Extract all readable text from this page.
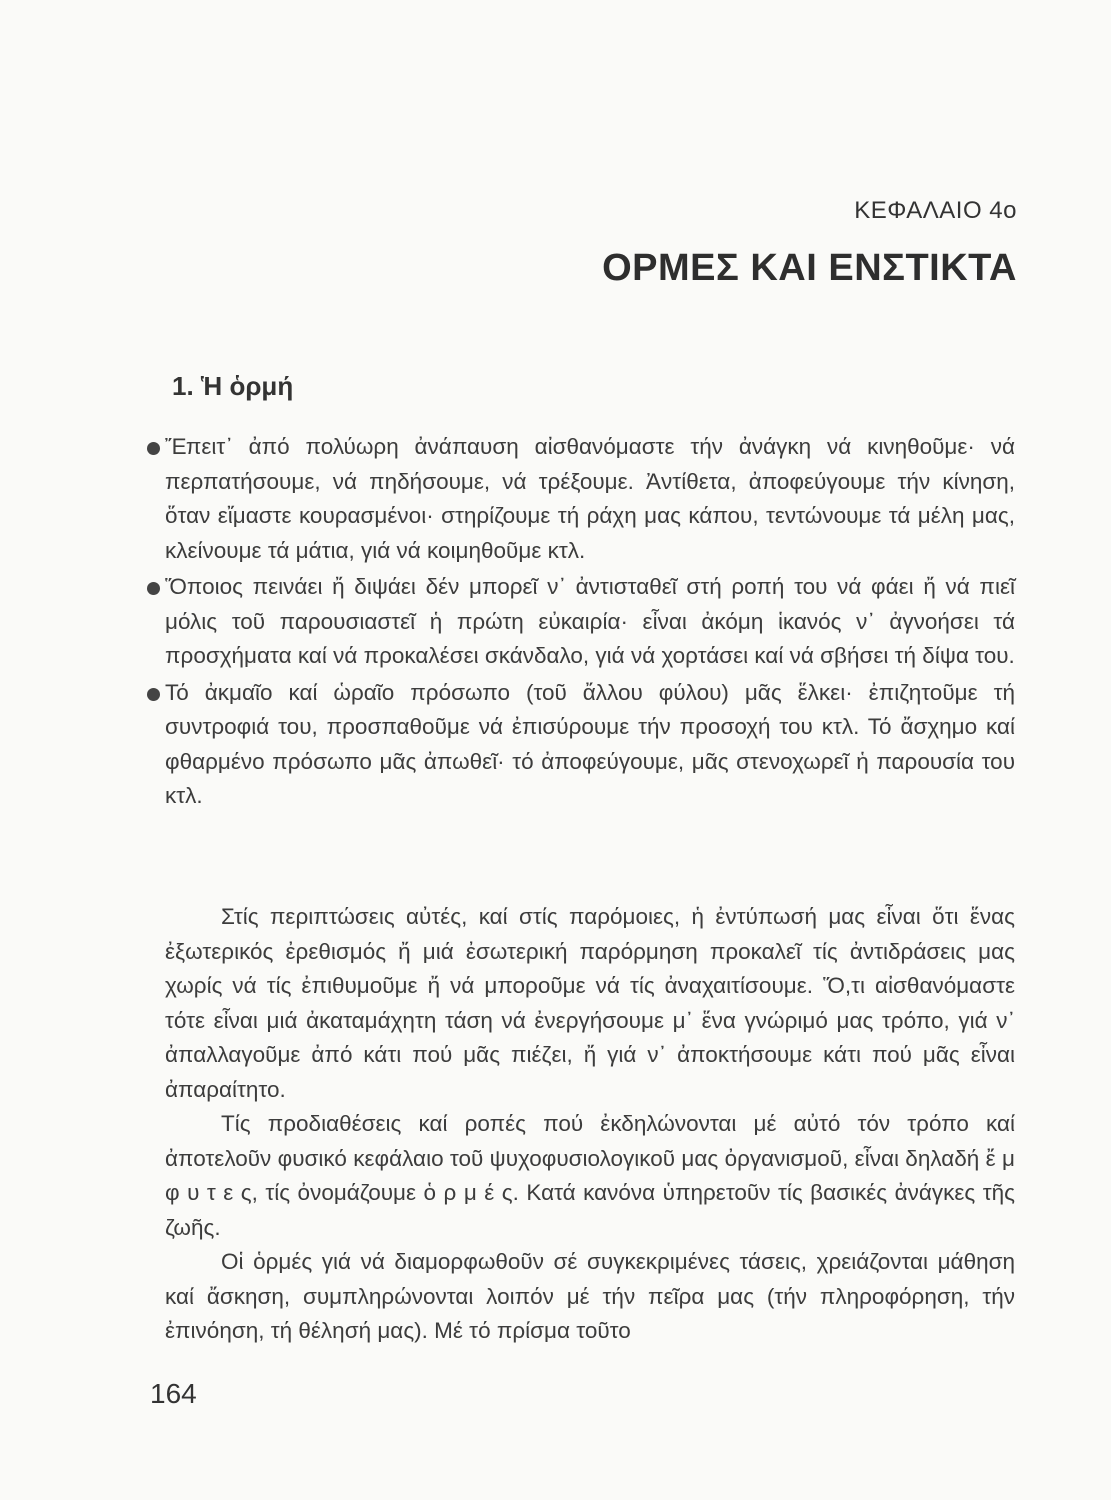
ΚΕΦΑΛΑΙΟ 4ο
ΟΡΜΕΣ ΚΑΙ ΕΝΣΤΙΚΤΑ
1. Ἡ ὁρμή

Ἔπειτ᾽ ἀπό πολύωρη ἀνάπαυση αἰσθανόμαστε τήν ἀνάγκη νά κινηθοῦμε· νά περπατήσουμε, νά πηδήσουμε, νά τρέξουμε. Ἀντίθετα, ἀποφεύγουμε τήν κίνηση, ὅταν εἴμαστε κουρασμένοι· στηρίζουμε τή ράχη μας κάπου, τεντώνουμε τά μέλη μας, κλείνουμε τά μάτια, γιά νά κοιμηθοῦμε κτλ.

Ὅποιος πεινάει ἤ διψάει δέν μπορεῖ ν᾽ ἀντισταθεῖ στή ροπή του νά φάει ἤ νά πιεῖ μόλις τοῦ παρουσιαστεῖ ἡ πρώτη εὐκαιρία· εἶναι ἀκόμη ἱκανός ν᾽ ἀγνοήσει τά προσχήματα καί νά προκαλέσει σκάνδαλο, γιά νά χορτάσει καί νά σβήσει τή δίψα του.

Τό ἀκμαῖο καί ὡραῖο πρόσωπο (τοῦ ἄλλου φύλου) μᾶς ἕλκει· ἐπιζητοῦμε τή συντροφιά του, προσπαθοῦμε νά ἐπισύρουμε τήν προσοχή του κτλ. Τό ἄσχημο καί φθαρμένο πρόσωπο μᾶς ἀπωθεῖ· τό ἀποφεύγουμε, μᾶς στενοχωρεῖ ἡ παρουσία του κτλ.

Στίς περιπτώσεις αὐτές, καί στίς παρόμοιες, ἡ ἐντύπωσή μας εἶναι ὅτι ἕνας ἐξωτερικός ἐρεθισμός ἤ μιά ἐσωτερική παρόρμηση προκαλεῖ τίς ἀντιδράσεις μας χωρίς νά τίς ἐπιθυμοῦμε ἤ νά μποροῦμε νά τίς ἀναχαιτίσουμε. Ὅ,τι αἰσθανόμαστε τότε εἶναι μιά ἀκαταμάχητη τάση νά ἐνεργήσουμε μ᾽ ἕνα γνώριμό μας τρόπο, γιά ν᾽ ἀπαλλαγοῦμε ἀπό κάτι πού μᾶς πιέζει, ἤ γιά ν᾽ ἀποκτήσουμε κάτι πού μᾶς εἶναι ἀπαραίτητο.

Τίς προδιαθέσεις καί ροπές πού ἐκδηλώνονται μέ αὐτό τόν τρόπο καί ἀποτελοῦν φυσικό κεφάλαιο τοῦ ψυχοφυσιολογικοῦ μας ὀργανισμοῦ, εἶναι δηλαδή ἔ μ φ υ τ ε ς, τίς ὀνομάζουμε ὁ ρ μ έ ς. Κατά κανόνα ὑπηρετοῦν τίς βασικές ἀνάγκες τῆς ζωῆς.

Οἱ ὁρμές γιά νά διαμορφωθοῦν σέ συγκεκριμένες τάσεις, χρειάζονται μάθηση καί ἄσκηση, συμπληρώνονται λοιπόν μέ τήν πεῖρα μας (τήν πληροφόρηση, τήν ἐπινόηση, τή θέλησή μας). Μέ τό πρίσμα τοῦτο

164
